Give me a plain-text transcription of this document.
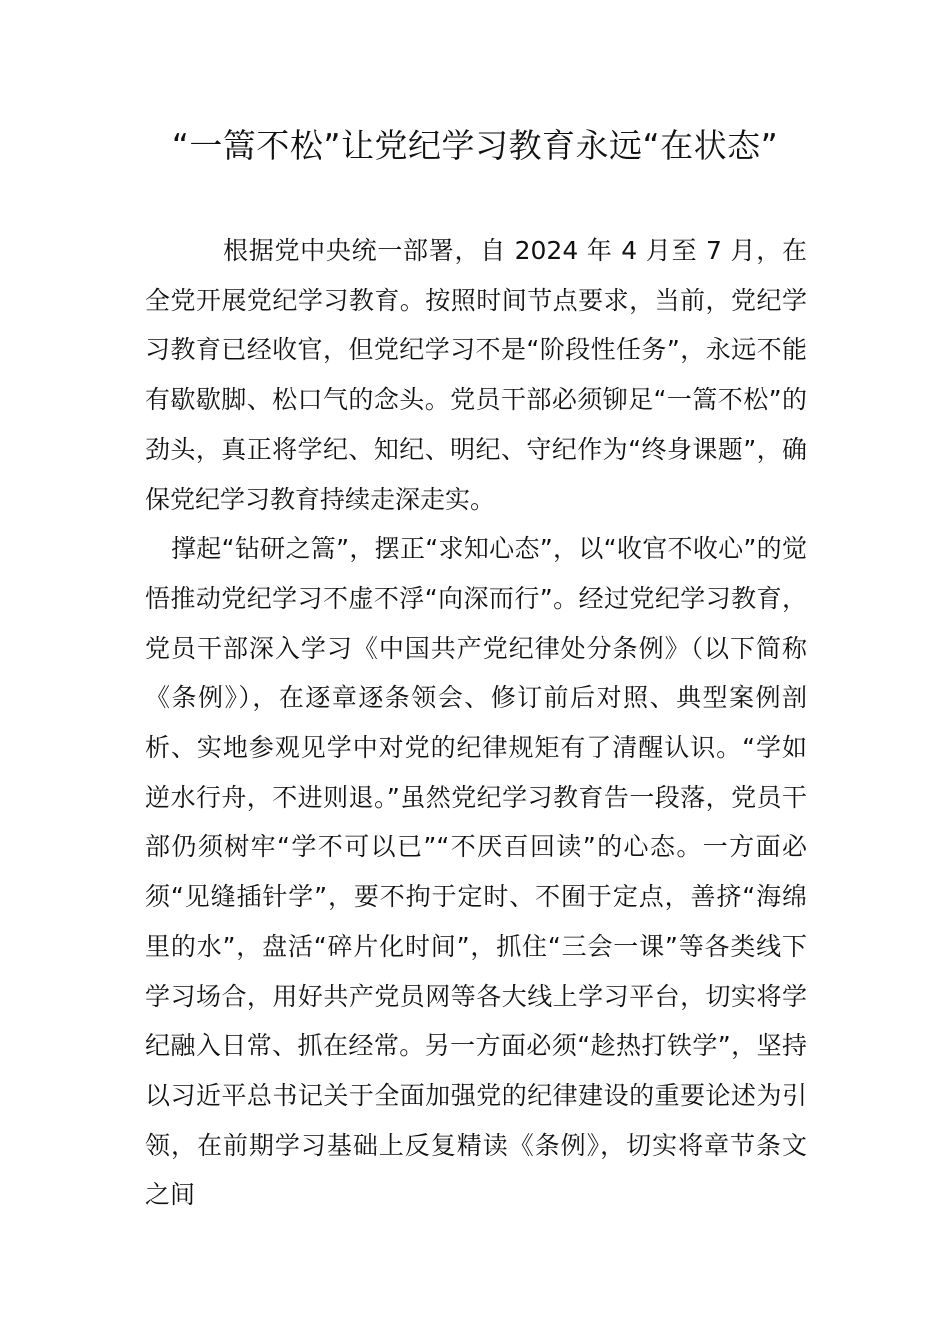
“一篙不松”让党纪学习教育永远“在状态”

根据党中央统一部署，自 2024 年 4 月至 7 月，在全党开展党纪学习教育。按照时间节点要求，当前，党纪学习教育已经收官，但党纪学习不是“阶段性任务”，永远不能有歇歇脚、松口气的念头。党员干部必须铆足“一篙不松”的劲头，真正将学纪、知纪、明纪、守纪作为“终身课题”，确保党纪学习教育持续走深走实。

撑起“钻研之篙”，摆正“求知心态”，以“收官不收心”的觉悟推动党纪学习不虚不浮“向深而行”。经过党纪学习教育，党员干部深入学习《中国共产党纪律处分条例》（以下简称《条例》），在逐章逐条领会、修订前后对照、典型案例剖析、实地参观见学中对党的纪律规矩有了清醒认识。“学如逆水行舟，不进则退。”虽然党纪学习教育告一段落，党员干部仍须树牢“学不可以已”“不厌百回读”的心态。一方面必须“见缝插针学”，要不拘于定时、不囿于定点，善挤“海绵里的水”，盘活“碎片化时间”，抓住“三会一课”等各类线下学习场合，用好共产党员网等各大线上学习平台，切实将学纪融入日常、抓在经常。另一方面必须“趁热打铁学”，坚持以习近平总书记关于全面加强党的纪律建设的重要论述为引领，在前期学习基础上反复精读《条例》，切实将章节条文之间
